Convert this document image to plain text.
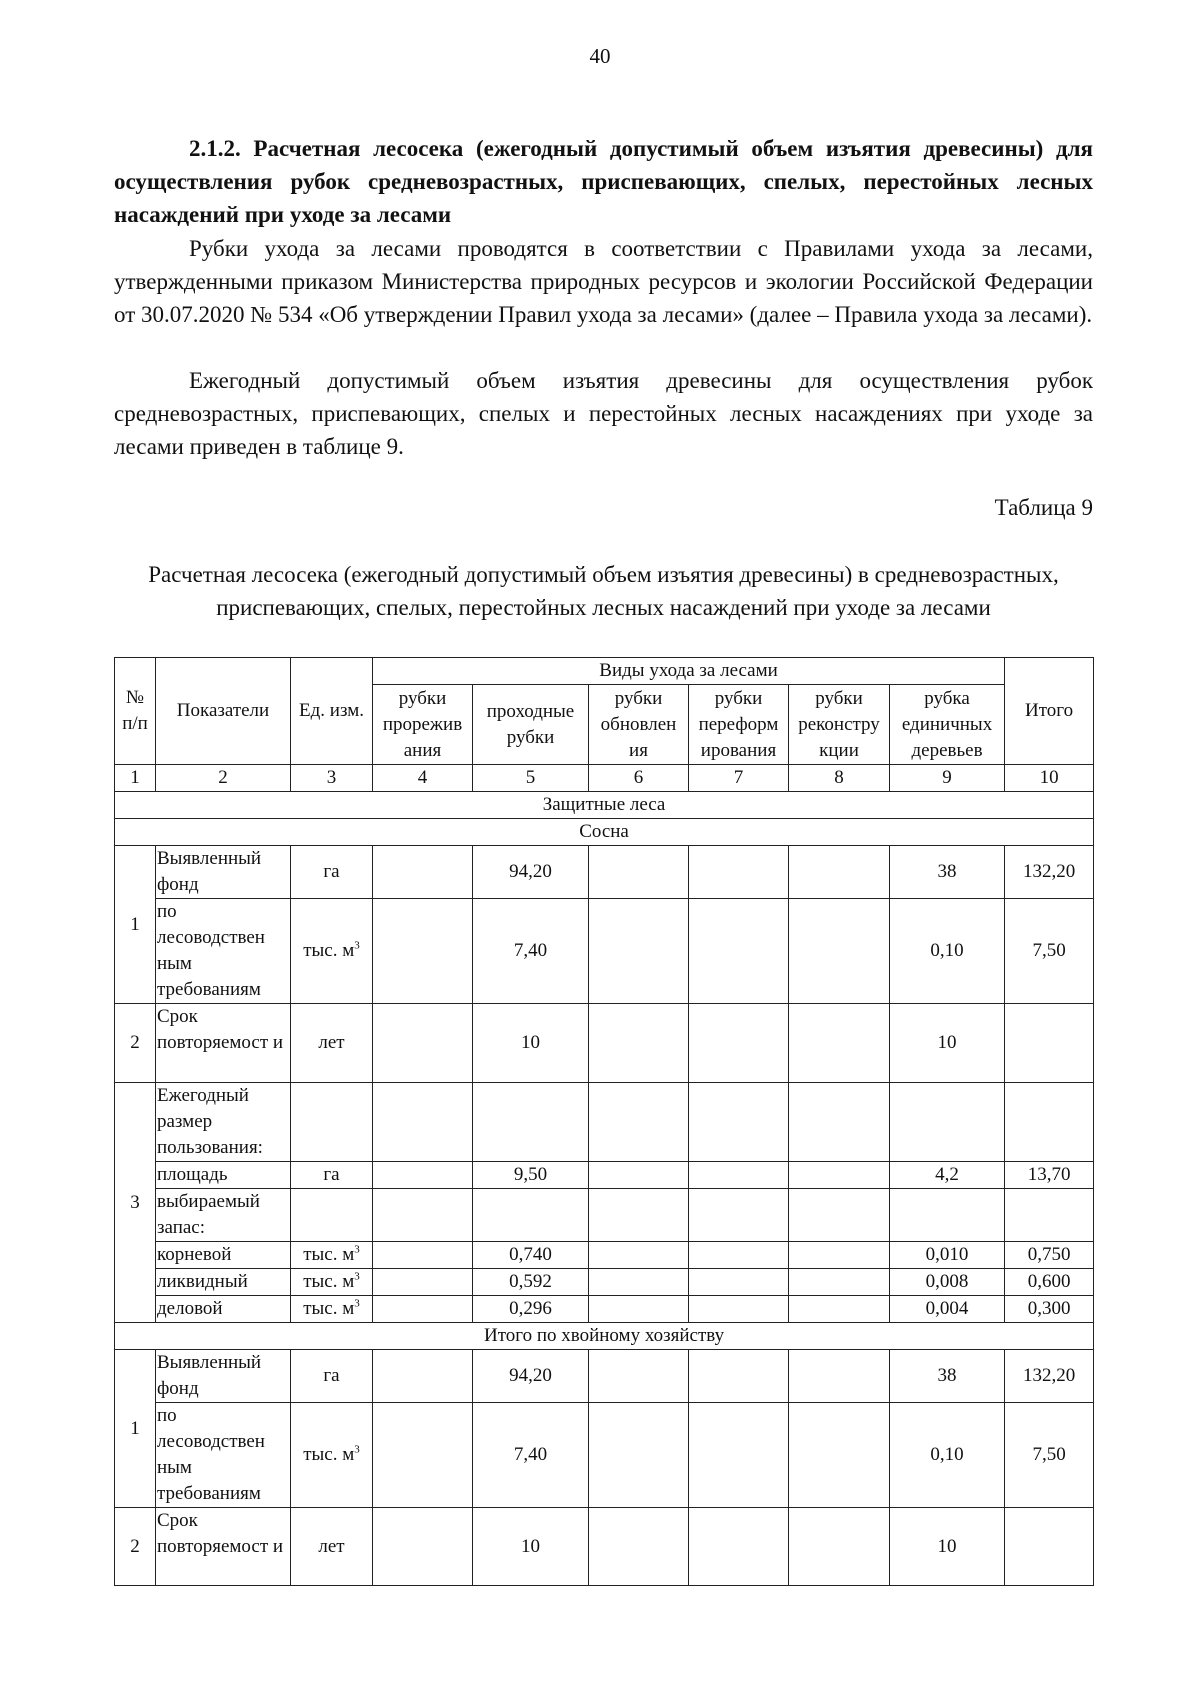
40

2.1.2. Расчетная лесосека (ежегодный допустимый объем изъятия древесины) для осуществления рубок средневозрастных, приспевающих, спелых, перестойных лесных насаждений при уходе за лесами

Рубки ухода за лесами проводятся в соответствии с Правилами ухода за лесами, утвержденными приказом Министерства природных ресурсов и экологии Российской Федерации от 30.07.2020 № 534 «Об утверждении Правил ухода за лесами» (далее – Правила ухода за лесами).

Ежегодный допустимый объем изъятия древесины для осуществления рубок средневозрастных, приспевающих, спелых и перестойных лесных насаждениях при уходе за лесами приведен в таблице 9.

Таблица 9
Расчетная лесосека (ежегодный допустимый объем изъятия древесины) в средневозрастных, приспевающих, спелых, перестойных лесных насаждений при уходе за лесами
№ п/п	Показатели	Ед. изм.	Виды ухода за лесами						Итого
			рубки прорежив ания	проходные рубки	рубки обновлен ия	рубки переформ ирования	рубки реконстру кции	рубка единичных деревьев	
1	2	3	4	5	6	7	8	9	10
Защитные леса									
Сосна									
1	Выявленный фонд	га		94,20				38	132,20
	по лесоводствен ным требованиям	тыс. $м^3$		7,40				0,10	7,50
2	Срок повторяемост и	лет		10				10	
3	Ежегодный размер пользования:								
	площадь	га		9,50				4,2	13,70
	выбираемый запас:								
	корневой	тыс. $м^3$		0,740				0,010	0,750
	ликвидный	тыс. $м^3$		0,592				0,008	0,600
	деловой	тыс. $м^3$		0,296				0,004	0,300
Итого по хвойному хозяйству									
1	Выявленный фонд	га		94,20				38	132,20
	по лесоводствен ным требованиям	тыс. $м^3$		7,40				0,10	7,50
2	Срок повторяемост и	лет		10				10	
